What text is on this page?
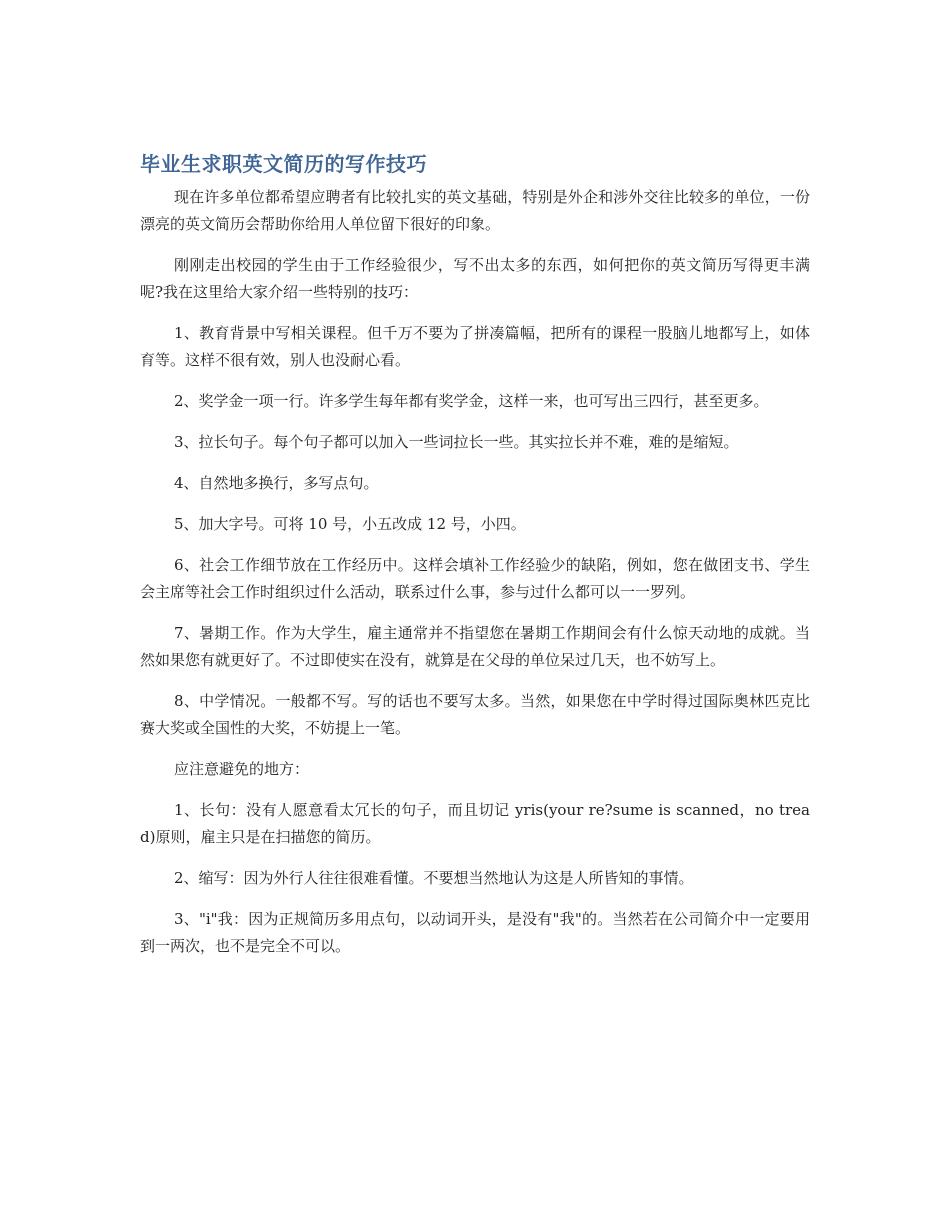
毕业生求职英文简历的写作技巧

现在许多单位都希望应聘者有比较扎实的英文基础，特别是外企和涉外交往比较多的单位，一份漂亮的英文简历会帮助你给用人单位留下很好的印象。

刚刚走出校园的学生由于工作经验很少，写不出太多的东西，如何把你的英文简历写得更丰满呢?我在这里给大家介绍一些特别的技巧：

1、教育背景中写相关课程。但千万不要为了拼凑篇幅，把所有的课程一股脑儿地都写上，如体育等。这样不很有效，别人也没耐心看。

2、奖学金一项一行。许多学生每年都有奖学金，这样一来，也可写出三四行，甚至更多。

3、拉长句子。每个句子都可以加入一些词拉长一些。其实拉长并不难，难的是缩短。

4、自然地多换行，多写点句。

5、加大字号。可将 10 号，小五改成 12 号，小四。

6、社会工作细节放在工作经历中。这样会填补工作经验少的缺陷，例如，您在做团支书、学生会主席等社会工作时组织过什么活动，联系过什么事，参与过什么都可以一一罗列。

7、暑期工作。作为大学生，雇主通常并不指望您在暑期工作期间会有什么惊天动地的成就。当然如果您有就更好了。不过即使实在没有，就算是在父母的单位呆过几天，也不妨写上。

8、中学情况。一般都不写。写的话也不要写太多。当然，如果您在中学时得过国际奥林匹克比赛大奖或全国性的大奖，不妨提上一笔。

应注意避免的地方：

1、长句：没有人愿意看太冗长的句子，而且切记 yris(your re?sume is scanned，no tread)原则，雇主只是在扫描您的简历。

2、缩写：因为外行人往往很难看懂。不要想当然地认为这是人所皆知的事情。

3、"i"我：因为正规简历多用点句，以动词开头，是没有"我"的。当然若在公司简介中一定要用到一两次，也不是完全不可以。
